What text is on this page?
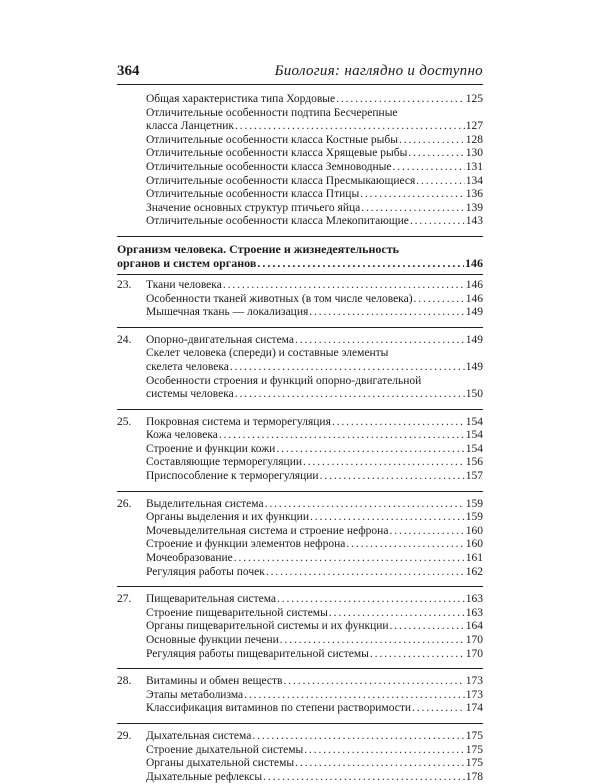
364	Биология: наглядно и доступно
Общая характеристика типа Хордовые . . .	125
Отличительные особенности подтипа Бесчерепные
класса Ланцетник . . .	127
Отличительные особенности класса Костные рыбы . . .	128
Отличительные особенности класса Хрящевые рыбы . . .	130
Отличительные особенности класса Земноводные . . .	131
Отличительные особенности класса Пресмыкающиеся . . .	134
Отличительные особенности класса Птицы . . .	136
Значение основных структур птичьего яйца . . .	139
Отличительные особенности класса Млекопитающие . . .	143
Организм человека. Строение и жизнедеятельность
органов и систем органов . . .	146
23.	Ткани человека . . .	146
Особенности тканей животных (в том числе человека) . . .	146
Мышечная ткань — локализация . . .	149
24.	Опорно-двигательная система . . .	149
Скелет человека (спереди) и составные элементы
скелета человека . . .	149
Особенности строения и функций опорно-двигательной
системы человека . . .	150
25.	Покровная система и терморегуляция . . .	154
Кожа человека . . .	154
Строение и функции кожи . . .	154
Составляющие терморегуляции . . .	156
Приспособление к терморегуляции . . .	157
26.	Выделительная система . . .	159
Органы выделения и их функции . . .	159
Мочевыделительная система и строение нефрона . . .	160
Строение и функции элементов нефрона . . .	160
Мочеобразование . . .	161
Регуляция работы почек . . .	162
27.	Пищеварительная система . . .	163
Строение пищеварительной системы . . .	163
Органы пищеварительной системы и их функции . . .	164
Основные функции печени . . .	170
Регуляция работы пищеварительной системы . . .	170
28.	Витамины и обмен веществ . . .	173
Этапы метаболизма . . .	173
Классификация витаминов по степени растворимости . . .	174
29.	Дыхательная система . . .	175
Строение дыхательной системы . . .	175
Органы дыхательной системы . . .	175
Дыхательные рефлексы . . .	178
